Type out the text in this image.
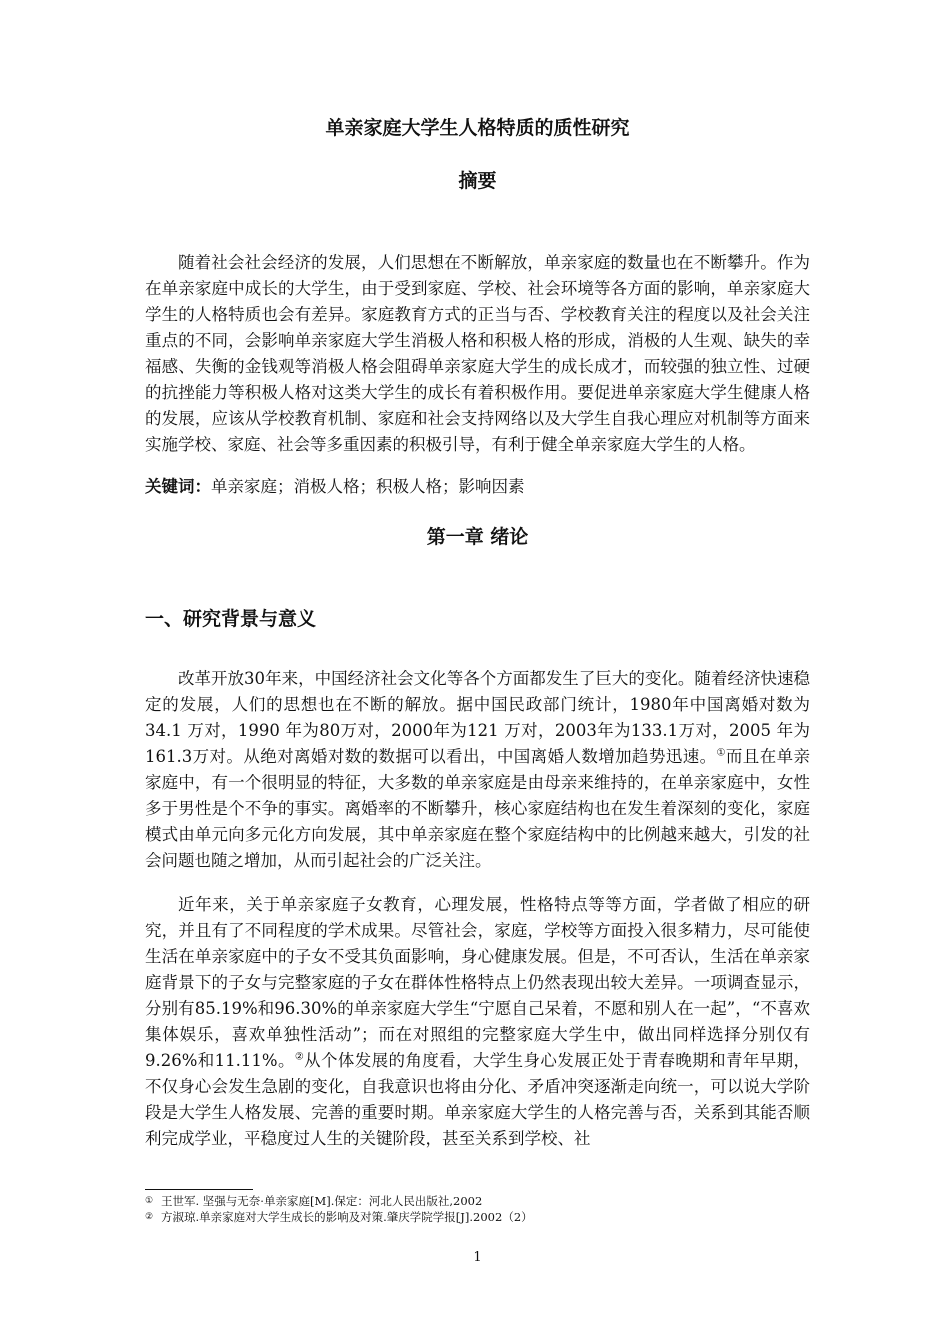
单亲家庭大学生人格特质的质性研究
摘要

随着社会社会经济的发展，人们思想在不断解放，单亲家庭的数量也在不断攀升。作为在单亲家庭中成长的大学生，由于受到家庭、学校、社会环境等各方面的影响，单亲家庭大学生的人格特质也会有差异。家庭教育方式的正当与否、学校教育关注的程度以及社会关注重点的不同，会影响单亲家庭大学生消极人格和积极人格的形成，消极的人生观、缺失的幸福感、失衡的金钱观等消极人格会阻碍单亲家庭大学生的成长成才，而较强的独立性、过硬的抗挫能力等积极人格对这类大学生的成长有着积极作用。要促进单亲家庭大学生健康人格的发展，应该从学校教育机制、家庭和社会支持网络以及大学生自我心理应对机制等方面来实施学校、家庭、社会等多重因素的积极引导，有利于健全单亲家庭大学生的人格。

关键词：单亲家庭；消极人格；积极人格；影响因素

第一章 绪论
一、研究背景与意义

改革开放30年来，中国经济社会文化等各个方面都发生了巨大的变化。随着经济快速稳定的发展，人们的思想也在不断的解放。据中国民政部门统计，1980年中国离婚对数为 34.1 万对，1990 年为80万对，2000年为121 万对，2003年为133.1万对，2005 年为161.3万对。从绝对离婚对数的数据可以看出，中国离婚人数增加趋势迅速。①而且在单亲家庭中，有一个很明显的特征，大多数的单亲家庭是由母亲来维持的，在单亲家庭中，女性多于男性是个不争的事实。离婚率的不断攀升，核心家庭结构也在发生着深刻的变化，家庭模式由单元向多元化方向发展，其中单亲家庭在整个家庭结构中的比例越来越大，引发的社会问题也随之增加，从而引起社会的广泛关注。

近年来，关于单亲家庭子女教育，心理发展，性格特点等等方面，学者做了相应的研究，并且有了不同程度的学术成果。尽管社会，家庭，学校等方面投入很多精力，尽可能使生活在单亲家庭中的子女不受其负面影响，身心健康发展。但是，不可否认，生活在单亲家庭背景下的子女与完整家庭的子女在群体性格特点上仍然表现出较大差异。一项调查显示，分别有85.19%和96.30%的单亲家庭大学生“宁愿自己呆着，不愿和别人在一起”，“不喜欢集体娱乐，喜欢单独性活动”；而在对照组的完整家庭大学生中，做出同样选择分别仅有9.26%和11.11%。②从个体发展的角度看，大学生身心发展正处于青春晚期和青年早期，不仅身心会发生急剧的变化，自我意识也将由分化、矛盾冲突逐渐走向统一，可以说大学阶段是大学生人格发展、完善的重要时期。单亲家庭大学生的人格完善与否，关系到其能否顺利完成学业，平稳度过人生的关键阶段，甚至关系到学校、社

① 王世军. 坚强与无奈·单亲家庭[M].保定：河北人民出版社,2002
② 方淑琼.单亲家庭对大学生成长的影响及对策.肇庆学院学报[J].2002（2）
1
